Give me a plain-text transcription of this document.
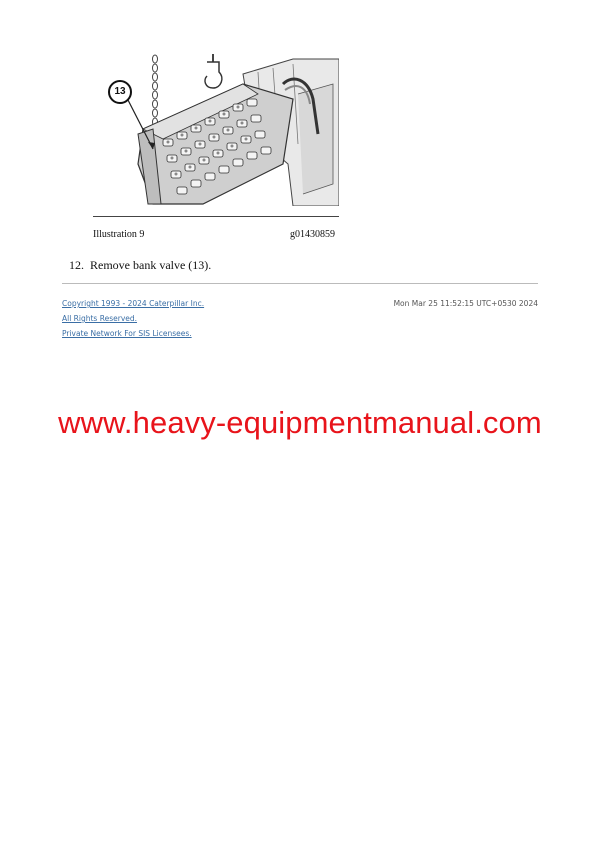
13
Illustration 9	g01430859
12. Remove bank valve (13).
Copyright 1993 - 2024 Caterpillar Inc.
All Rights Reserved.
Private Network For SIS Licensees.
Mon Mar 25 11:52:15 UTC+0530 2024
www.heavy-equipmentmanual.com
